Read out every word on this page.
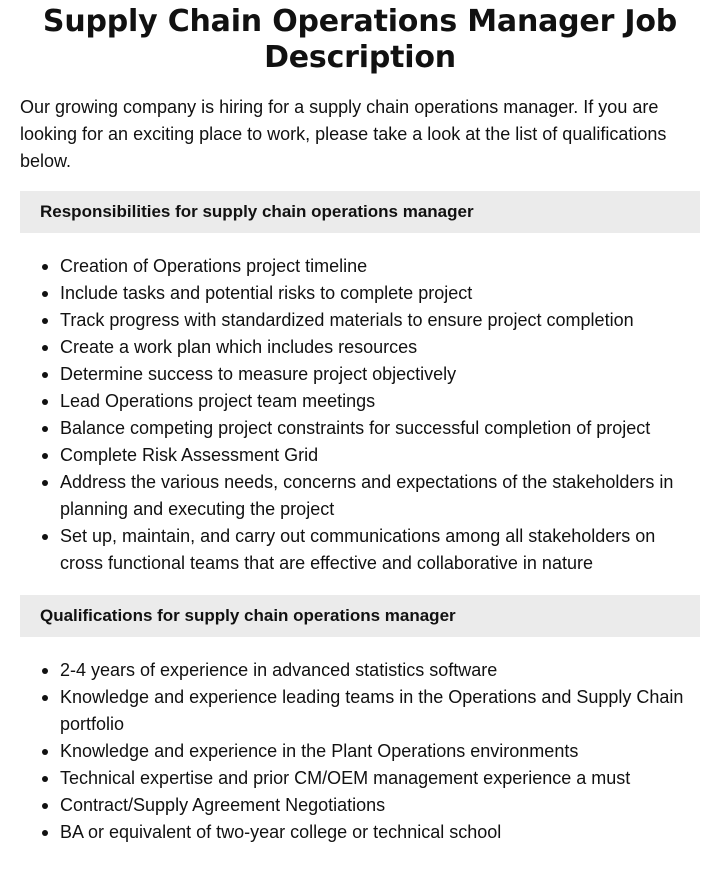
Supply Chain Operations Manager Job Description

Our growing company is hiring for a supply chain operations manager. If you are looking for an exciting place to work, please take a look at the list of qualifications below.

Responsibilities for supply chain operations manager
Creation of Operations project timeline
Include tasks and potential risks to complete project
Track progress with standardized materials to ensure project completion
Create a work plan which includes resources
Determine success to measure project objectively
Lead Operations project team meetings
Balance competing project constraints for successful completion of project
Complete Risk Assessment Grid
Address the various needs, concerns and expectations of the stakeholders in planning and executing the project
Set up, maintain, and carry out communications among all stakeholders on cross functional teams that are effective and collaborative in nature
Qualifications for supply chain operations manager
2-4 years of experience in advanced statistics software
Knowledge and experience leading teams in the Operations and Supply Chain portfolio
Knowledge and experience in the Plant Operations environments
Technical expertise and prior CM/OEM management experience a must
Contract/Supply Agreement Negotiations
BA or equivalent of two-year college or technical school
